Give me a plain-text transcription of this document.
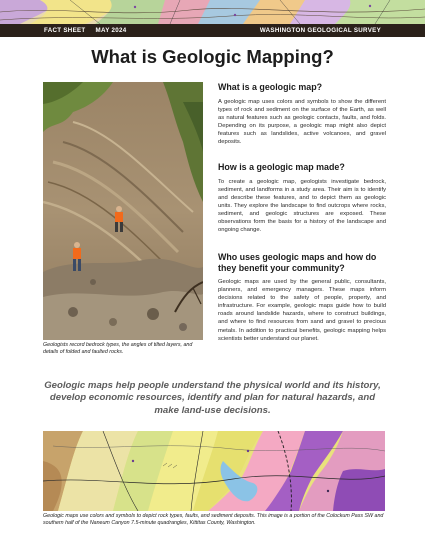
FACT SHEET MAY 2024	WASHINGTON GEOLOGICAL SURVEY
What is Geologic Mapping?

Geologists record bedrock types, the angles of tilted layers, and details of folded and faulted rocks.

What is a geologic map?

A geologic map uses colors and symbols to show the different types of rock and sediment on the surface of the Earth, as well as natural features such as geologic contacts, faults, and folds. Depending on its purpose, a geologic map might also depict features such as landslides, active volcanoes, and gravel deposits.

How is a geologic map made?

To create a geologic map, geologists investigate bedrock, sediment, and landforms in a study area. Their aim is to identify and describe these features, and to depict them as geologic units. They explore the landscape to find outcrops where rocks, sediment, and geologic structures are exposed. These observations form the basis for a history of the landscape and ongoing change.

Who uses geologic maps and how do they benefit your community?

Geologic maps are used by the general public, consultants, planners, and emergency managers. These maps inform decisions related to the safety of people, property, and infrastructure. For example, geologic maps guide how to build roads around landslide hazards, where to construct buildings, and where to find resources from sand and gravel to precious metals. In addition to practical benefits, geologic mapping helps scientists better understand our planet.

Geologic maps help people understand the physical world and its history, develop economic resources, identify and plan for natural hazards, and make land-use decisions.

Geologic maps use colors and symbols to depict rock types, faults, and sediment deposits. This image is a portion of the Colockum Pass SW and southern half of the Naneum Canyon 7.5-minute quadrangles, Kittitas County, Washington.
